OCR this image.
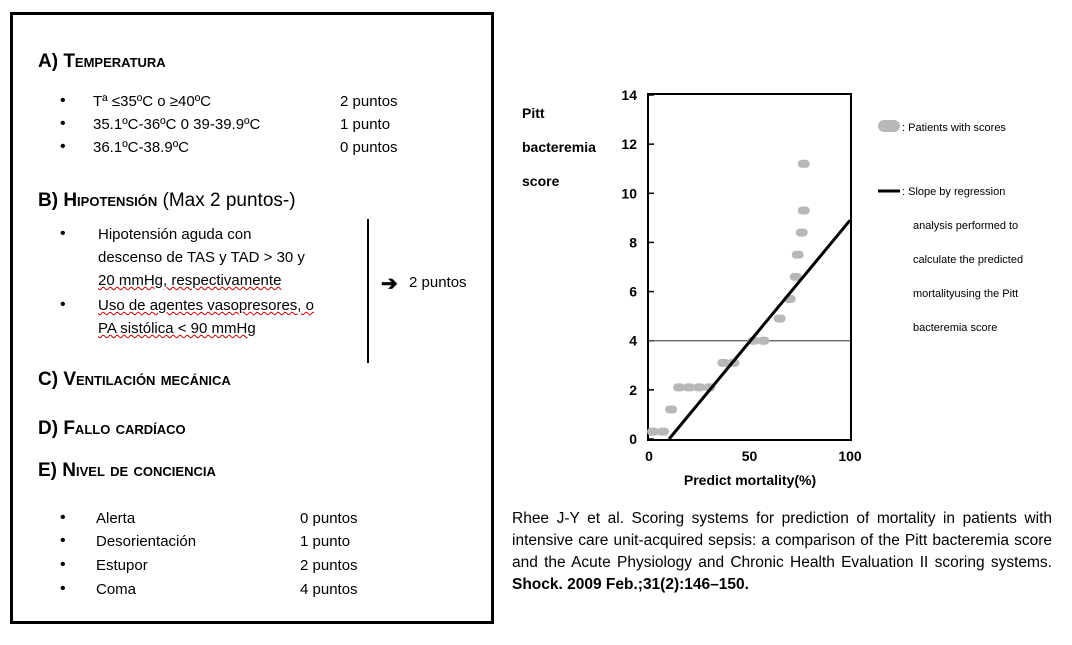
A) Temperatura
• Tª ≤35ºC o ≥40ºC	2 puntos
• 35.1ºC-36ºC 0 39-39.9ºC	1 punto
• 36.1ºC-38.9ºC	0 puntos
B) Hipotensión (Max 2 puntos-)
• Hipotensión aguda con
descenso de TAS y TAD > 30 y
20 mmHg, respectivamente
• Uso de agentes vasopresores, o
PA sistólica < 90 mmHg
➔ 2 puntos
C) Ventilación mecánica
D) Fallo cardíaco
E) Nivel de conciencia
• Alerta	0 puntos
• Desorientación	1 punto
• Estupor	2 puntos
• Coma	4 puntos
Pitt
bacteremia
score
0
2
4
6
8
10
12
14
0	50	100
Predict mortality(%)
: Patients with scores
: Slope by regression
analysis performed to
calculate the predicted
mortalityusing the Pitt
bacteremia score
Rhee J-Y et al. Scoring systems for prediction of mortality in patients with intensive care unit-acquired sepsis: a comparison of the Pitt bacteremia score and the Acute Physiology and Chronic Health Evaluation II scoring systems. Shock. 2009 Feb.;31(2):146–150.
